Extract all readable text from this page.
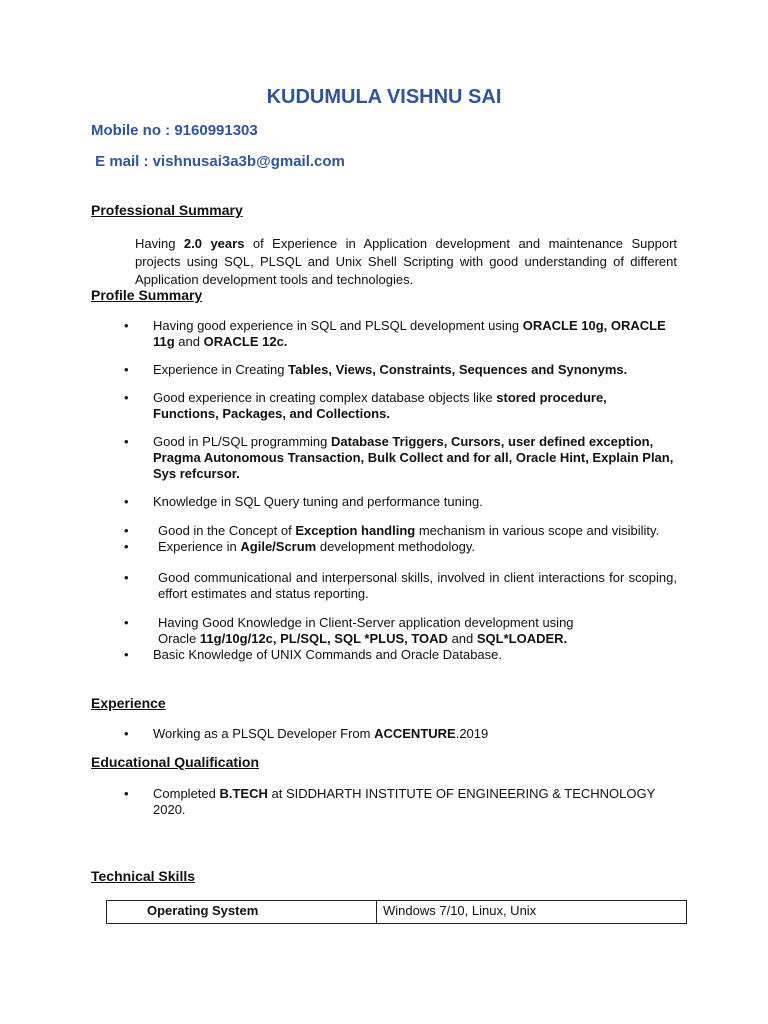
KUDUMULA VISHNU SAI
Mobile no : 9160991303
E mail : vishnusai3a3b@gmail.com
Professional Summary
Having 2.0 years of Experience in Application development and maintenance Support projects using SQL, PLSQL and Unix Shell Scripting with good understanding of different Application development tools and technologies.
Profile Summary
• Having good experience in SQL and PLSQL development using ORACLE 10g, ORACLE 11g and ORACLE 12c.
• Experience in Creating Tables, Views, Constraints, Sequences and Synonyms.
• Good experience in creating complex database objects like stored procedure, Functions, Packages, and Collections.
• Good in PL/SQL programming Database Triggers, Cursors, user defined exception, Pragma Autonomous Transaction, Bulk Collect and for all, Oracle Hint, Explain Plan, Sys refcursor.
• Knowledge in SQL Query tuning and performance tuning.
• Good in the Concept of Exception handling mechanism in various scope and visibility.
• Experience in Agile/Scrum development methodology.
• Good communicational and interpersonal skills, involved in client interactions for scoping, effort estimates and status reporting.
• Having Good Knowledge in Client-Server application development using
Oracle 11g/10g/12c, PL/SQL, SQL *PLUS, TOAD and SQL*LOADER.
• Basic Knowledge of UNIX Commands and Oracle Database.
Experience
• Working as a PLSQL Developer From ACCENTURE.2019
Educational Qualification
• Completed B.TECH at SIDDHARTH INSTITUTE OF ENGINEERING & TECHNOLOGY 2020.
Technical Skills
Operating System	Windows 7/10, Linux, Unix
